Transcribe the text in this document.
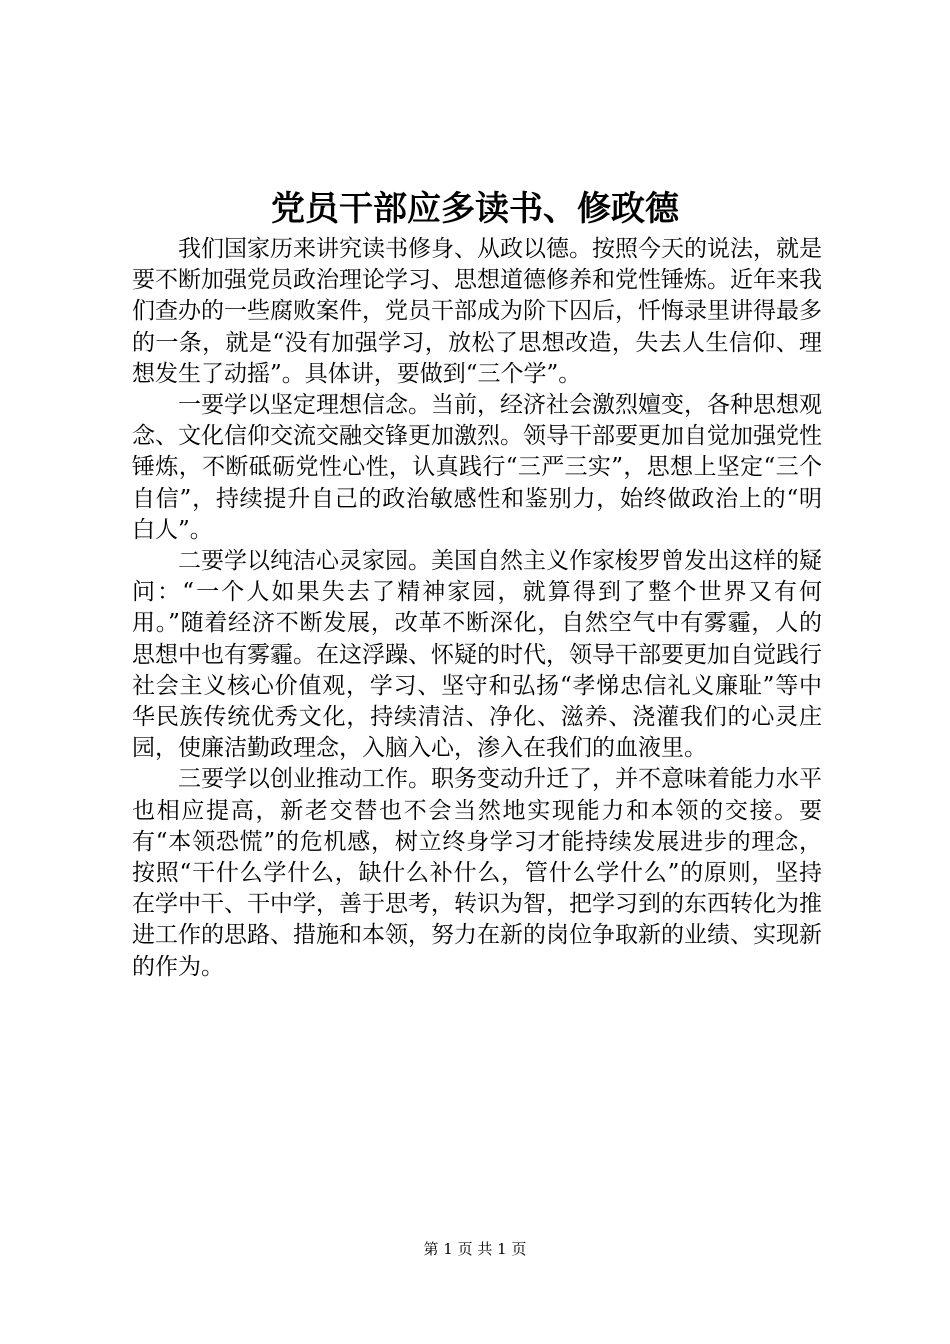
党员干部应多读书、修政德

我们国家历来讲究读书修身、从政以德。按照今天的说法，就是要不断加强党员政治理论学习、思想道德修养和党性锤炼。近年来我们查办的一些腐败案件，党员干部成为阶下囚后，忏悔录里讲得最多的一条，就是“没有加强学习，放松了思想改造，失去人生信仰、理想发生了动摇”。具体讲，要做到“三个学”。

一要学以坚定理想信念。当前，经济社会激烈嬗变，各种思想观念、文化信仰交流交融交锋更加激烈。领导干部要更加自觉加强党性锤炼，不断砥砺党性心性，认真践行“三严三实”，思想上坚定“三个自信”，持续提升自己的政治敏感性和鉴别力，始终做政治上的“明白人”。

二要学以纯洁心灵家园。美国自然主义作家梭罗曾发出这样的疑问：“一个人如果失去了精神家园，就算得到了整个世界又有何用。”随着经济不断发展，改革不断深化，自然空气中有雾霾，人的思想中也有雾霾。在这浮躁、怀疑的时代，领导干部要更加自觉践行社会主义核心价值观，学习、坚守和弘扬“孝悌忠信礼义廉耻”等中华民族传统优秀文化，持续清洁、净化、滋养、浇灌我们的心灵庄园，使廉洁勤政理念，入脑入心，渗入在我们的血液里。

三要学以创业推动工作。职务变动升迁了，并不意味着能力水平也相应提高，新老交替也不会当然地实现能力和本领的交接。要有“本领恐慌”的危机感，树立终身学习才能持续发展进步的理念，按照“干什么学什么，缺什么补什么，管什么学什么”的原则，坚持在学中干、干中学，善于思考，转识为智，把学习到的东西转化为推进工作的思路、措施和本领，努力在新的岗位争取新的业绩、实现新的作为。

第 1 页 共 1 页
